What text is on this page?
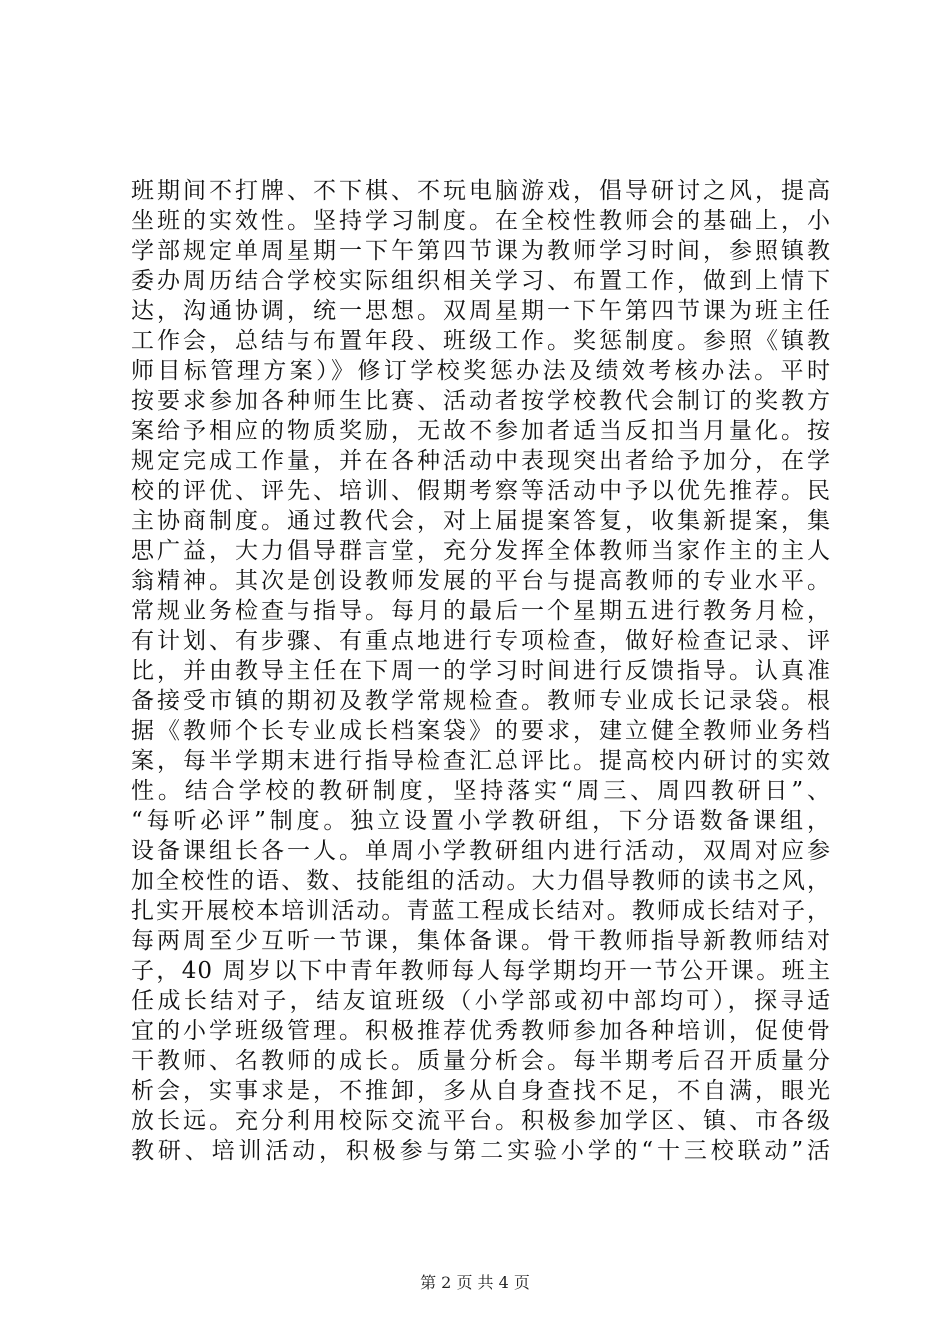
班期间不打牌、不下棋、不玩电脑游戏，倡导研讨之风，提高
坐班的实效性。坚持学习制度。在全校性教师会的基础上，小
学部规定单周星期一下午第四节课为教师学习时间，参照镇教
委办周历结合学校实际组织相关学习、布置工作，做到上情下
达，沟通协调，统一思想。双周星期一下午第四节课为班主任
工作会，总结与布置年段、班级工作。奖惩制度。参照《镇教
师目标管理方案）》修订学校奖惩办法及绩效考核办法。平时
按要求参加各种师生比赛、活动者按学校教代会制订的奖教方
案给予相应的物质奖励，无故不参加者适当反扣当月量化。按
规定完成工作量，并在各种活动中表现突出者给予加分，在学
校的评优、评先、培训、假期考察等活动中予以优先推荐。民
主协商制度。通过教代会，对上届提案答复，收集新提案，集
思广益，大力倡导群言堂，充分发挥全体教师当家作主的主人
翁精神。其次是创设教师发展的平台与提高教师的专业水平。
常规业务检查与指导。每月的最后一个星期五进行教务月检，
有计划、有步骤、有重点地进行专项检查，做好检查记录、评
比，并由教导主任在下周一的学习时间进行反馈指导。认真准
备接受市镇的期初及教学常规检查。教师专业成长记录袋。根
据《教师个长专业成长档案袋》的要求，建立健全教师业务档
案，每半学期末进行指导检查汇总评比。提高校内研讨的实效
性。结合学校的教研制度，坚持落实“周三、周四教研日”、
“每听必评”制度。独立设置小学教研组，下分语数备课组，
设备课组长各一人。单周小学教研组内进行活动，双周对应参
加全校性的语、数、技能组的活动。大力倡导教师的读书之风，
扎实开展校本培训活动。青蓝工程成长结对。教师成长结对子，
每两周至少互听一节课，集体备课。骨干教师指导新教师结对
子，40 周岁以下中青年教师每人每学期均开一节公开课。班主
任成长结对子，结友谊班级（小学部或初中部均可），探寻适
宜的小学班级管理。积极推荐优秀教师参加各种培训，促使骨
干教师、名教师的成长。质量分析会。每半期考后召开质量分
析会，实事求是，不推卸，多从自身查找不足，不自满，眼光
放长远。充分利用校际交流平台。积极参加学区、镇、市各级
教研、培训活动，积极参与第二实验小学的“十三校联动”活
第 2 页 共 4 页
